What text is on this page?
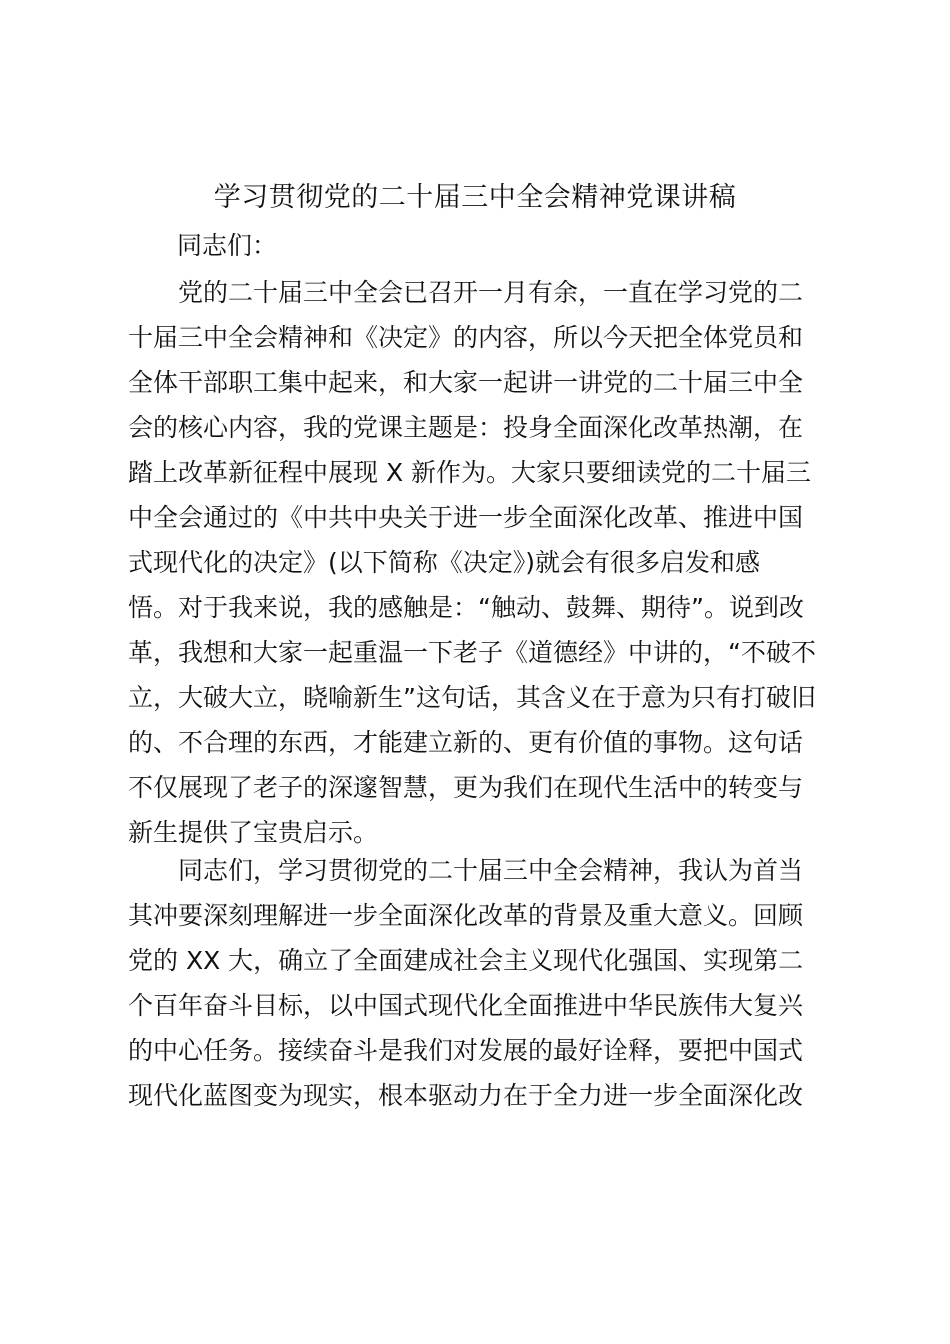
学习贯彻党的二十届三中全会精神党课讲稿

同志们：

党的二十届三中全会已召开一月有余，一直在学习党的二
十届三中全会精神和《决定》的内容，所以今天把全体党员和
全体干部职工集中起来，和大家一起讲一讲党的二十届三中全
会的核心内容，我的党课主题是：投身全面深化改革热潮，在
踏上改革新征程中展现 X 新作为。大家只要细读党的二十届三
中全会通过的《中共中央关于进一步全面深化改革、推进中国
式现代化的决定》(以下简称《决定》)就会有很多启发和感
悟。对于我来说，我的感触是：“触动、鼓舞、期待”。说到改
革，我想和大家一起重温一下老子《道德经》中讲的，“不破不
立，大破大立，晓喻新生”这句话，其含义在于意为只有打破旧
的、不合理的东西，才能建立新的、更有价值的事物。这句话
不仅展现了老子的深邃智慧，更为我们在现代生活中的转变与
新生提供了宝贵启示。
同志们，学习贯彻党的二十届三中全会精神，我认为首当
其冲要深刻理解进一步全面深化改革的背景及重大意义。回顾
党的 XX 大，确立了全面建成社会主义现代化强国、实现第二
个百年奋斗目标，以中国式现代化全面推进中华民族伟大复兴
的中心任务。接续奋斗是我们对发展的最好诠释，要把中国式
现代化蓝图变为现实，根本驱动力在于全力进一步全面深化改
